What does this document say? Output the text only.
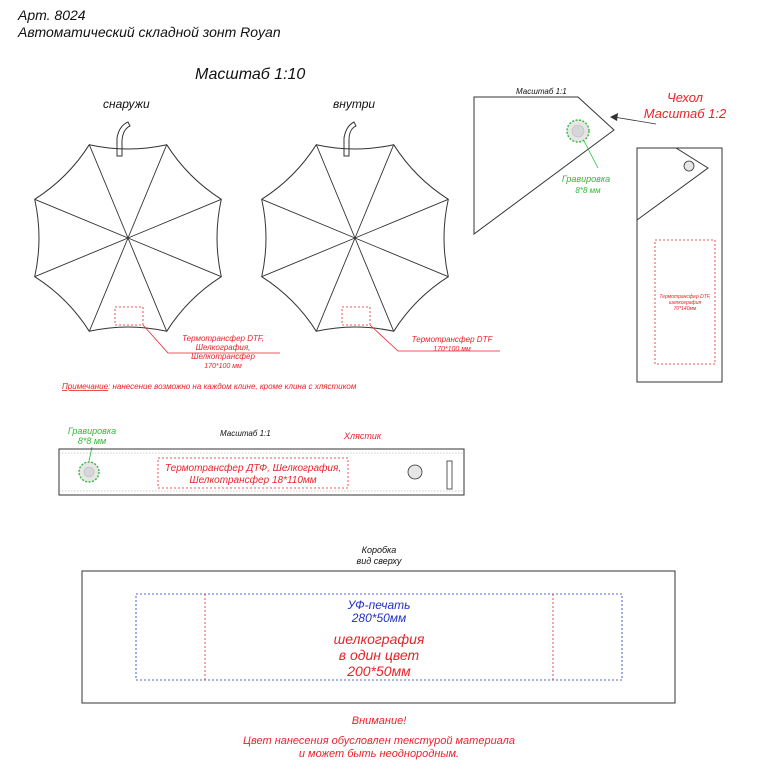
Арт. 8024
Автоматический складной зонт Royan
Масштаб 1:10
снаружи	внутри
Термотрансфер DTF,
Шелкография,
Шелкотрансфер
170*100 мм
Термотрансфер DTF
170*100 мм
Примечание: нанесение возможно на каждом клине, кроме клина с хлястиком
Масштаб 1:1
Гравировка
8*8 мм
Чехол
Масштаб 1:2
Термотрансфер DTF,
шелкография
70*140мм
Гравировка
8*8 мм
Масштаб 1:1	Хлястик
Термотрансфер ДТФ, Шелкография,
Шелкотрансфер 18*110мм
Коробка
вид сверху
УФ-печать
280*50мм
шелкография
в один цвет
200*50мм
Внимание!
Цвет нанесения обусловлен текстурой материала
и может быть неоднородным.
